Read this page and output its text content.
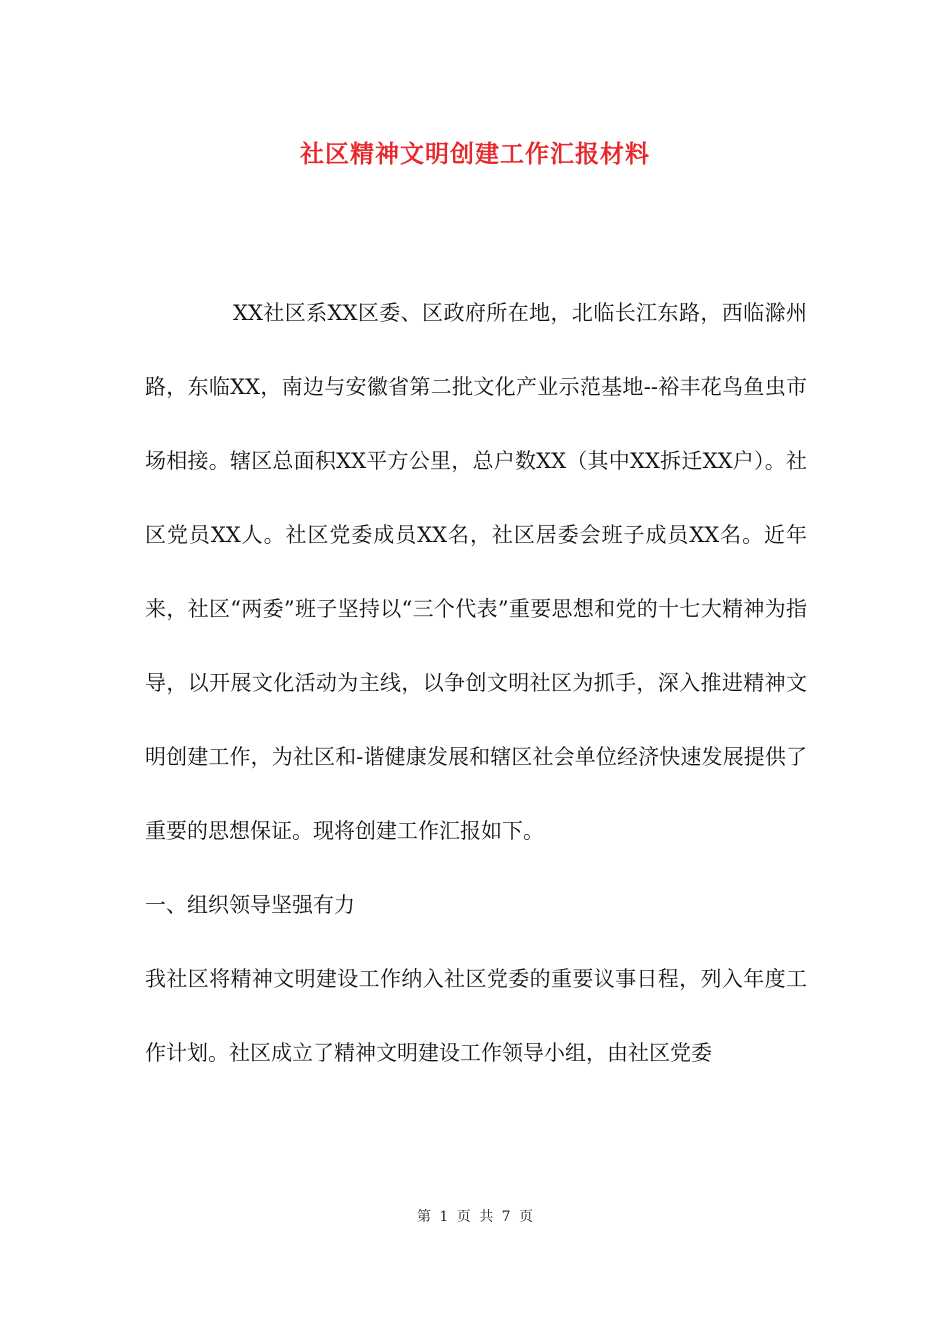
社区精神文明创建工作汇报材料

XX社区系XX区委、区政府所在地，北临长江东路，西临滁州路，东临XX，南边与安徽省第二批文化产业示范基地--裕丰花鸟鱼虫市场相接。辖区总面积XX平方公里，总户数XX（其中XX拆迁XX户）。社区党员XX人。社区党委成员XX名，社区居委会班子成员XX名。近年来，社区“两委”班子坚持以“三个代表”重要思想和党的十七大精神为指导，以开展文化活动为主线，以争创文明社区为抓手，深入推进精神文明创建工作，为社区和-谐健康发展和辖区社会单位经济快速发展提供了重要的思想保证。现将创建工作汇报如下。

一、组织领导坚强有力

我社区将精神文明建设工作纳入社区党委的重要议事日程，列入年度工作计划。社区成立了精神文明建设工作领导小组，由社区党委

第 1 页 共 7 页
